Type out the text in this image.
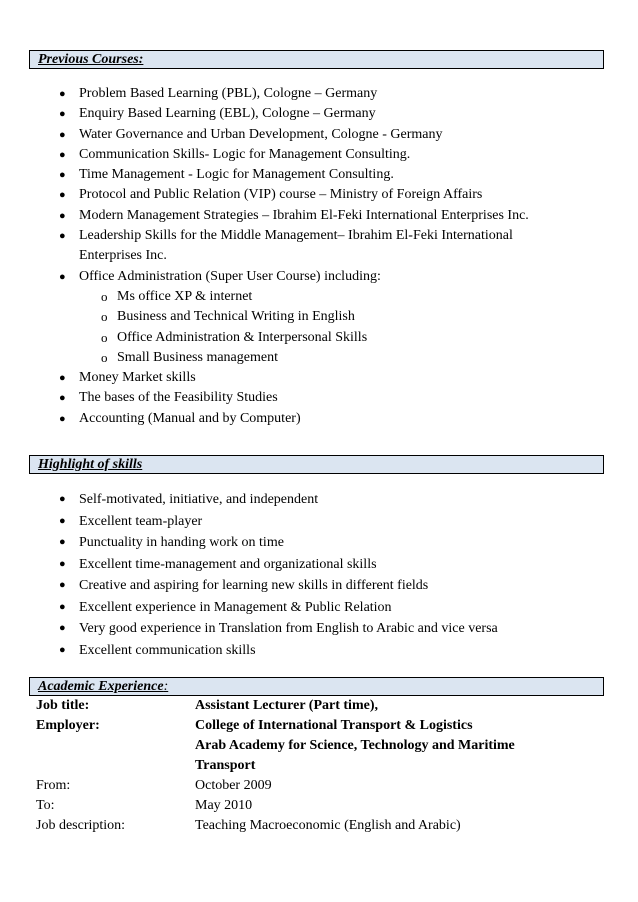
Previous Courses:
● Problem Based Learning (PBL), Cologne – Germany
● Enquiry Based Learning (EBL), Cologne – Germany
● Water Governance and Urban Development, Cologne - Germany
● Communication Skills- Logic for Management Consulting.
● Time Management - Logic for Management Consulting.
● Protocol and Public Relation (VIP) course – Ministry of Foreign Affairs
● Modern Management Strategies – Ibrahim El-Feki International Enterprises Inc.
● Leadership Skills for the Middle Management– Ibrahim El-Feki International
Enterprises Inc.
● Office Administration (Super User Course) including:
o Ms office XP & internet
o Business and Technical Writing in English
o Office Administration & Interpersonal Skills
o Small Business management
● Money Market skills
● The bases of the Feasibility Studies
● Accounting (Manual and by Computer)
Highlight of skills
● Self-motivated, initiative, and independent
● Excellent team-player
● Punctuality in handing work on time
● Excellent time-management and organizational skills
● Creative and aspiring for learning new skills in different fields
● Excellent experience in Management & Public Relation
● Very good experience in Translation from English to Arabic and vice versa
● Excellent communication skills
Academic Experience:
Job title:	Assistant Lecturer (Part time),
Employer:	College of International Transport & Logistics
Arab Academy for Science, Technology and Maritime
Transport
From:	October 2009
To:	May 2010
Job description:	Teaching Macroeconomic (English and Arabic)
